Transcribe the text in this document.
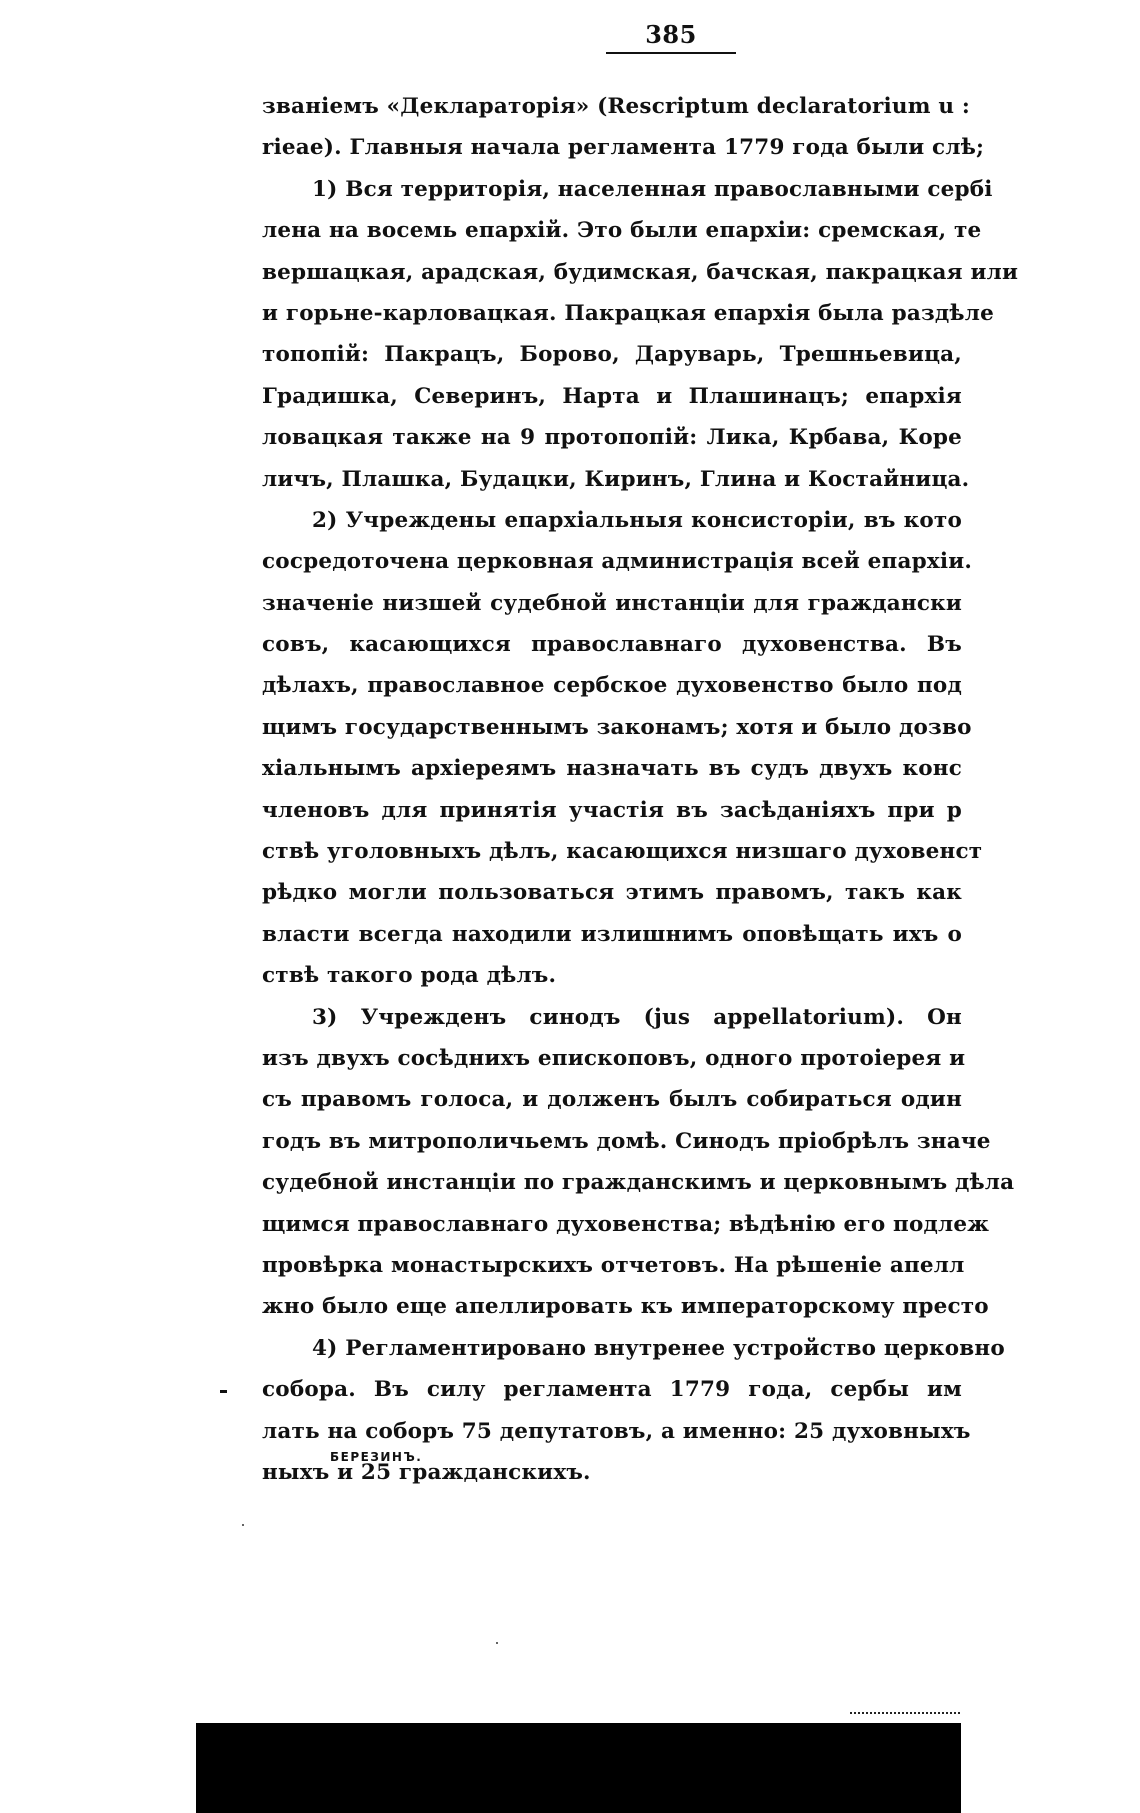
385
званіемъ «Деклараторія» (Rescriptum declaratorium u :
rieae). Главныя начала регламента 1779 года были слѣ;
1) Вся территорія, населенная православными сербі
лена на восемь епархій. Это были епархіи: сремская, те
вершацкая, арадская, будимская, бачская, пакрацкая или
и горьне-карловацкая. Пакрацкая епархія была раздѣле
топопій: Пакрацъ, Борово, Даруварь, Трешньевица,
Градишка, Северинъ, Нарта и Плашинацъ; епархія
ловацкая также на 9 протопопій: Лика, Крбава, Коре
личъ, Плашка, Будацки, Киринъ, Глина и Костайница.
2) Учреждены епархіальныя консисторіи, въ кото
сосредоточена церковная администрація всей епархіи.
значеніе низшей судебной инстанціи для граждански
совъ, касающихся православнаго духовенства. Въ
дѣлахъ, православное сербское духовенство было под
щимъ государственнымъ законамъ; хотя и было дозво
хіальнымъ архіереямъ назначать въ судъ двухъ конс
членовъ для принятія участія въ засѣданіяхъ при р
ствѣ уголовныхъ дѣлъ, касающихся низшаго духовенст
рѣдко могли пользоваться этимъ правомъ, такъ как
власти всегда находили излишнимъ оповѣщать ихъ о
ствѣ такого рода дѣлъ.
3) Учрежденъ синодъ (jus appellatorium). Он
изъ двухъ сосѣднихъ епископовъ, одного протоіерея и
съ правомъ голоса, и долженъ былъ собираться один
годъ въ митрополичьемъ домѣ. Синодъ пріобрѣлъ значе
судебной инстанціи по гражданскимъ и церковнымъ дѣла
щимся православнаго духовенства; вѣдѣнію его подлеж
провѣрка монастырскихъ отчетовъ. На рѣшеніе апелл
жно было еще апеллировать къ императорскому престо
4) Регламентировано внутренее устройство церковно
собора. Въ силу регламента 1779 года, сербы им
лать на соборъ 75 депутатовъ, а именно: 25 духовныхъ
ныхъ и 25 гражданскихъ.
БЕРЕЗИНЪ.
